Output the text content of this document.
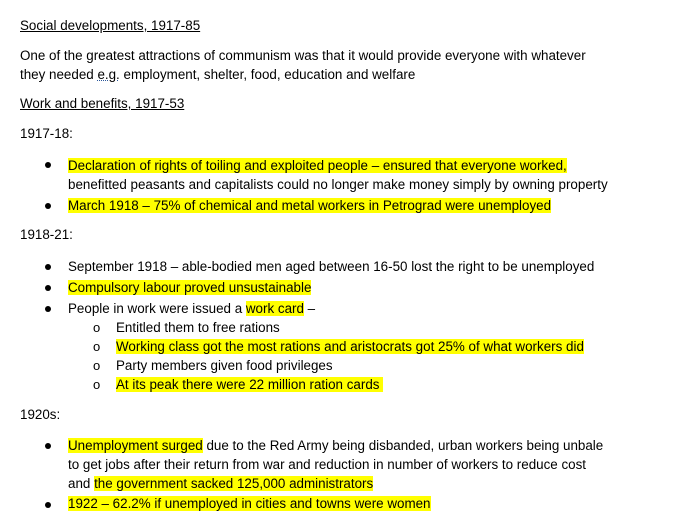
Social developments, 1917-85
One of the greatest attractions of communism was that it would provide everyone with whatever
they needed e.g. employment, shelter, food, education and welfare
Work and benefits, 1917-53
1917-18:
Declaration of rights of toiling and exploited people – ensured that everyone worked,
benefitted peasants and capitalists could no longer make money simply by owning property
March 1918 – 75% of chemical and metal workers in Petrograd were unemployed
1918-21:
September 1918 – able-bodied men aged between 16-50 lost the right to be unemployed
Compulsory labour proved unsustainable
People in work were issued a work card –
o Entitled them to free rations
o Working class got the most rations and aristocrats got 25% of what workers did
o Party members given food privileges
o At its peak there were 22 million ration cards
1920s:
Unemployment surged due to the Red Army being disbanded, urban workers being unbale
to get jobs after their return from war and reduction in number of workers to reduce cost
and the government sacked 125,000 administrators
1922 – 62.2% if unemployed in cities and towns were women
